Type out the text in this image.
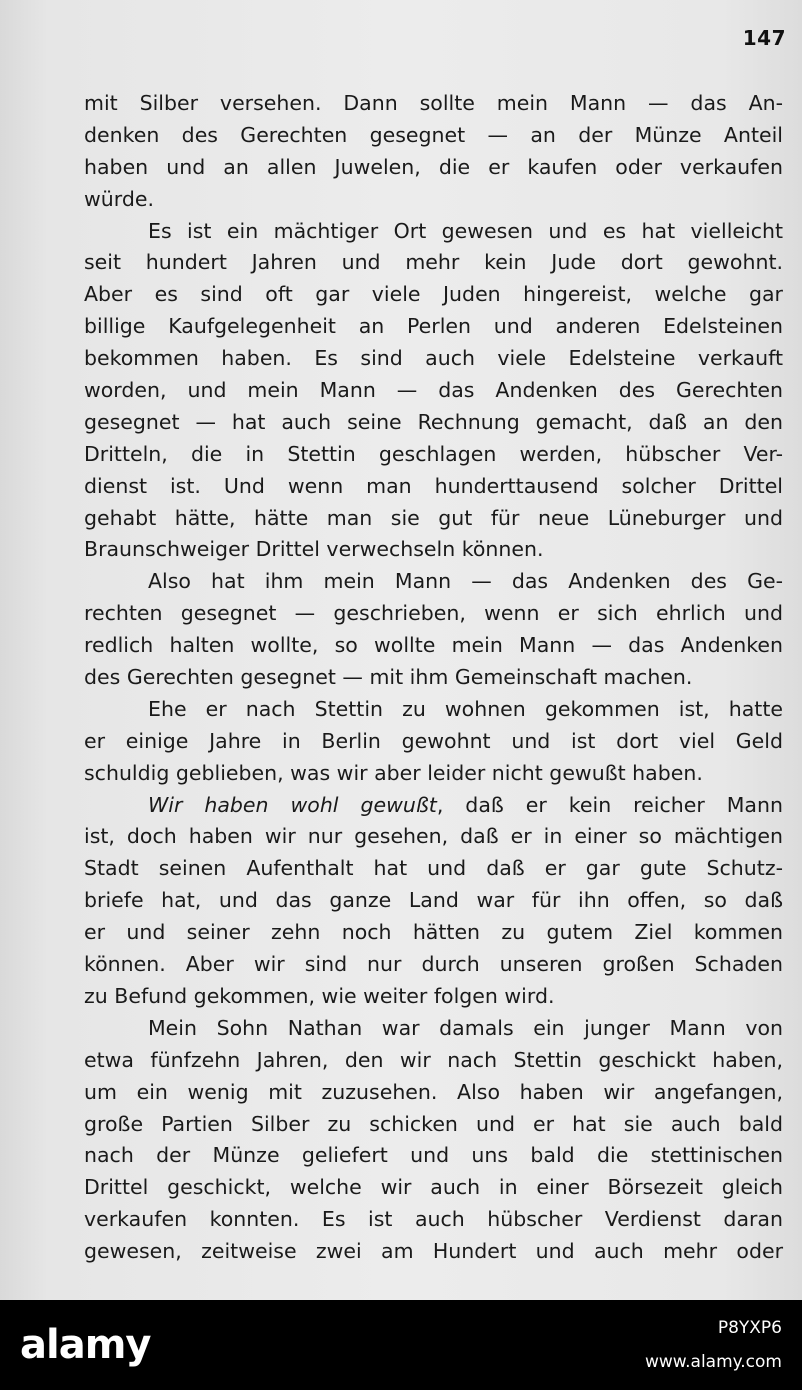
147
mit Silber versehen. Dann sollte mein Mann — das An-
denken des Gerechten gesegnet — an der Münze Anteil
haben und an allen Juwelen, die er kaufen oder verkaufen
würde.
Es ist ein mächtiger Ort gewesen und es hat vielleicht
seit hundert Jahren und mehr kein Jude dort gewohnt.
Aber es sind oft gar viele Juden hingereist, welche gar
billige Kaufgelegenheit an Perlen und anderen Edelsteinen
bekommen haben. Es sind auch viele Edelsteine verkauft
worden, und mein Mann — das Andenken des Gerechten
gesegnet — hat auch seine Rechnung gemacht, daß an den
Dritteln, die in Stettin geschlagen werden, hübscher Ver-
dienst ist. Und wenn man hunderttausend solcher Drittel
gehabt hätte, hätte man sie gut für neue Lüneburger und
Braunschweiger Drittel verwechseln können.
Also hat ihm mein Mann — das Andenken des Ge-
rechten gesegnet — geschrieben, wenn er sich ehrlich und
redlich halten wollte, so wollte mein Mann — das Andenken
des Gerechten gesegnet — mit ihm Gemeinschaft machen.
Ehe er nach Stettin zu wohnen gekommen ist, hatte
er einige Jahre in Berlin gewohnt und ist dort viel Geld
schuldig geblieben, was wir aber leider nicht gewußt haben.
Wir haben wohl gewußt, daß er kein reicher Mann
ist, doch haben wir nur gesehen, daß er in einer so mächtigen
Stadt seinen Aufenthalt hat und daß er gar gute Schutz-
briefe hat, und das ganze Land war für ihn offen, so daß
er und seiner zehn noch hätten zu gutem Ziel kommen
können. Aber wir sind nur durch unseren großen Schaden
zu Befund gekommen, wie weiter folgen wird.
Mein Sohn Nathan war damals ein junger Mann von
etwa fünfzehn Jahren, den wir nach Stettin geschickt haben,
um ein wenig mit zuzusehen. Also haben wir angefangen,
große Partien Silber zu schicken und er hat sie auch bald
nach der Münze geliefert und uns bald die stettinischen
Drittel geschickt, welche wir auch in einer Börsezeit gleich
verkaufen konnten. Es ist auch hübscher Verdienst daran
gewesen, zeitweise zwei am Hundert und auch mehr oder
alamy	P8YXP6
www.alamy.com
